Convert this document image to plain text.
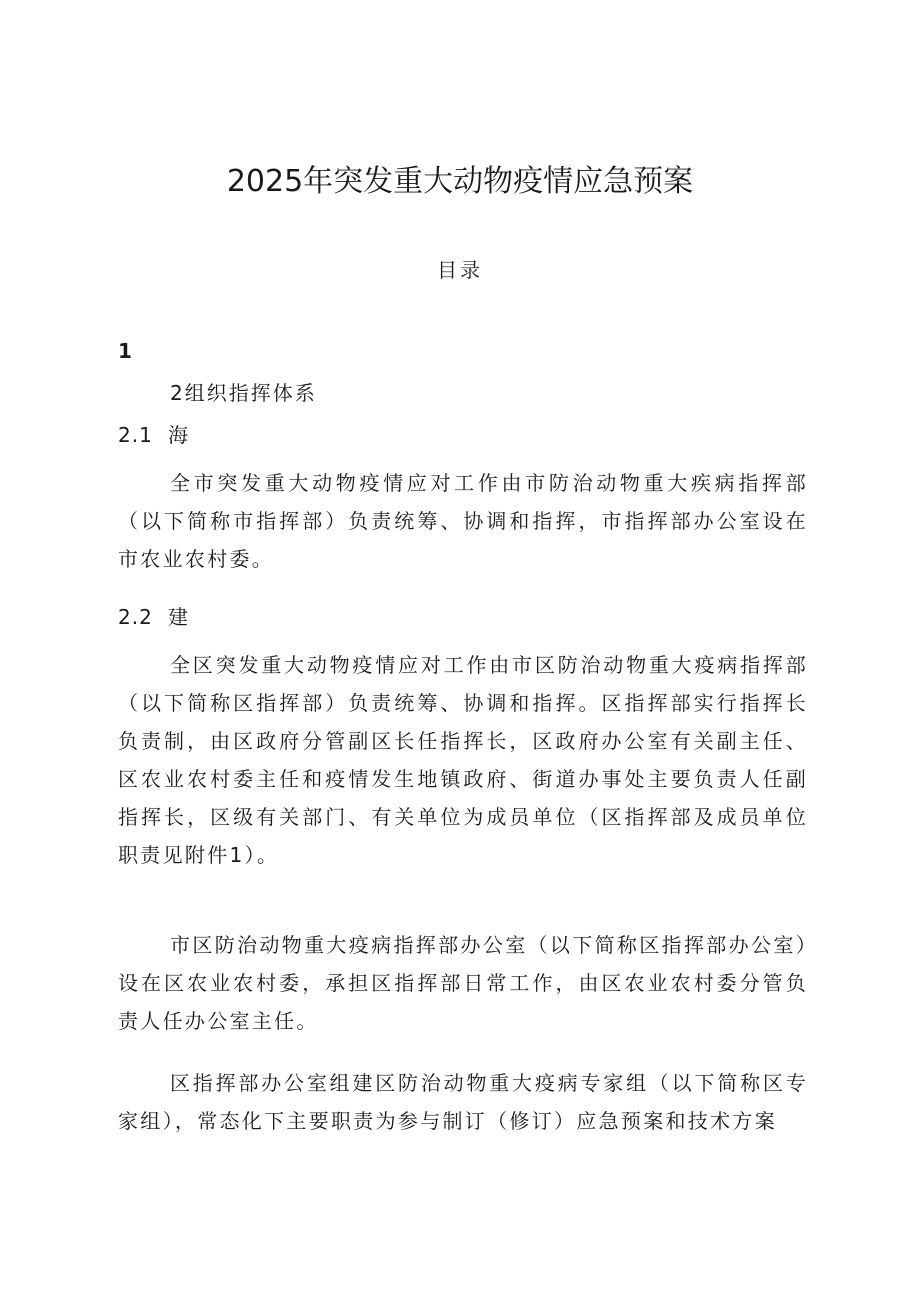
2025年突发重大动物疫情应急预案
目录
1
2组织指挥体系
2.1 海

全市突发重大动物疫情应对工作由市防治动物重大疾病指挥部（以下简称市指挥部）负责统筹、协调和指挥，市指挥部办公室设在市农业农村委。

2.2 建

全区突发重大动物疫情应对工作由市区防治动物重大疫病指挥部（以下简称区指挥部）负责统筹、协调和指挥。区指挥部实行指挥长负责制，由区政府分管副区长任指挥长，区政府办公室有关副主任、区农业农村委主任和疫情发生地镇政府、街道办事处主要负责人任副指挥长，区级有关部门、有关单位为成员单位（区指挥部及成员单位职责见附件1）。

市区防治动物重大疫病指挥部办公室（以下简称区指挥部办公室）设在区农业农村委，承担区指挥部日常工作，由区农业农村委分管负责人任办公室主任。

区指挥部办公室组建区防治动物重大疫病专家组（以下简称区专家组），常态化下主要职责为参与制订（修订）应急预案和技术方案
